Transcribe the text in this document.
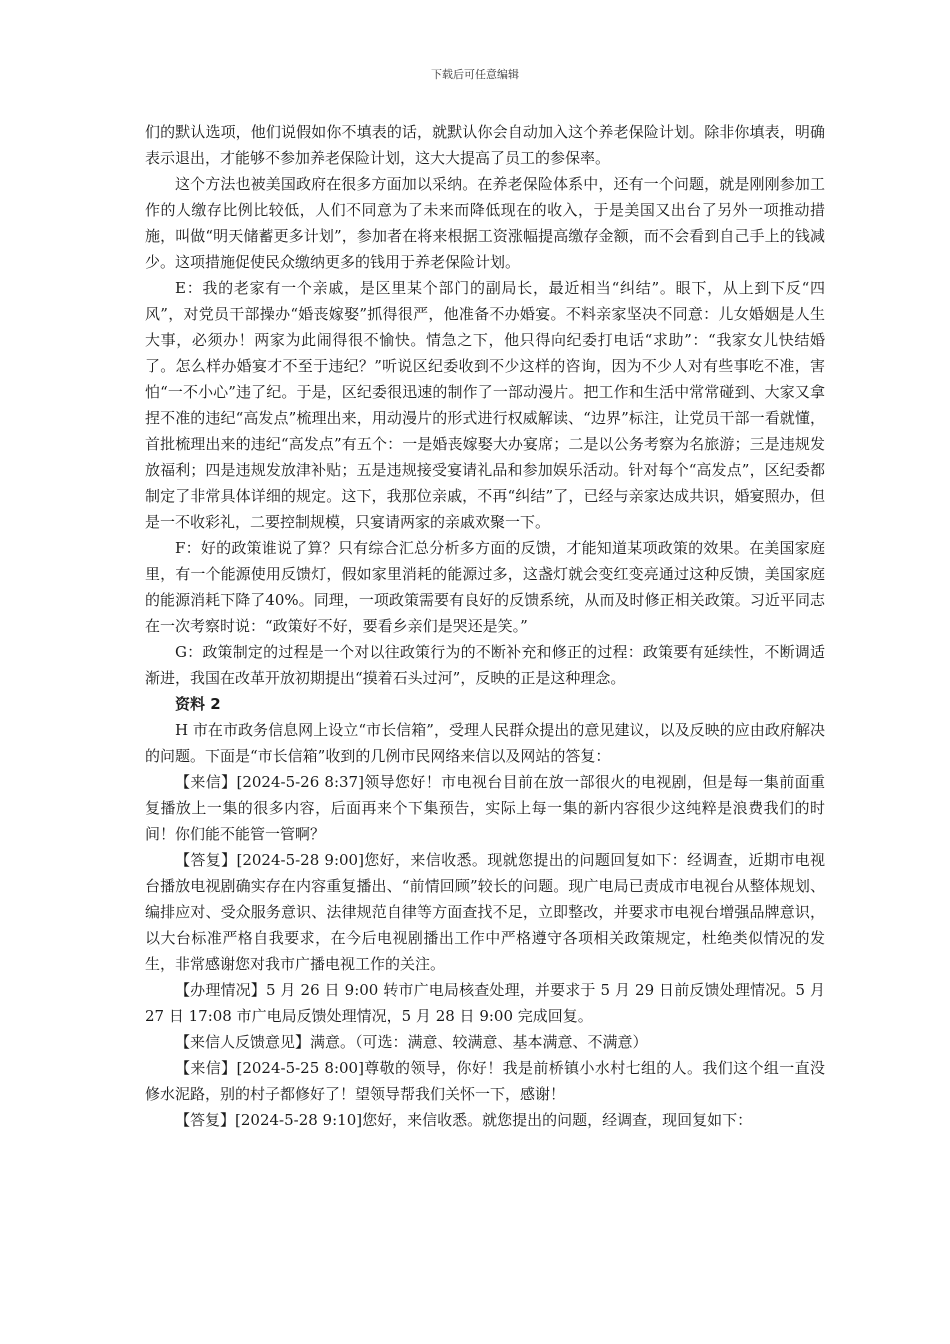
下载后可任意编辑

们的默认选项，他们说假如你不填表的话，就默认你会自动加入这个养老保险计划。除非你填表，明确表示退出，才能够不参加养老保险计划，这大大提高了员工的参保率。

这个方法也被美国政府在很多方面加以采纳。在养老保险体系中，还有一个问题，就是刚刚参加工作的人缴存比例比较低，人们不同意为了未来而降低现在的收入，于是美国又出台了另外一项推动措施，叫做“明天储蓄更多计划”，参加者在将来根据工资涨幅提高缴存金额，而不会看到自己手上的钱减少。这项措施促使民众缴纳更多的钱用于养老保险计划。

E：我的老家有一个亲戚，是区里某个部门的副局长，最近相当“纠结”。眼下，从上到下反“四风”，对党员干部操办“婚丧嫁娶”抓得很严，他准备不办婚宴。不料亲家坚决不同意：儿女婚姻是人生大事，必须办！两家为此闹得很不愉快。情急之下，他只得向纪委打电话“求助”：“我家女儿快结婚了。怎么样办婚宴才不至于违纪？”听说区纪委收到不少这样的咨询，因为不少人对有些事吃不准，害怕“一不小心”违了纪。于是，区纪委很迅速的制作了一部动漫片。把工作和生活中常常碰到、大家又拿捏不准的违纪“高发点”梳理出来，用动漫片的形式进行权威解读、“边界”标注，让党员干部一看就懂，首批梳理出来的违纪“高发点”有五个：一是婚丧嫁娶大办宴席；二是以公务考察为名旅游；三是违规发放福利；四是违规发放津补贴；五是违规接受宴请礼品和参加娱乐活动。针对每个“高发点”，区纪委都制定了非常具体详细的规定。这下，我那位亲戚，不再“纠结”了，已经与亲家达成共识，婚宴照办，但是一不收彩礼，二要控制规模，只宴请两家的亲戚欢聚一下。

F：好的政策谁说了算？只有综合汇总分析多方面的反馈，才能知道某项政策的效果。在美国家庭里，有一个能源使用反馈灯，假如家里消耗的能源过多，这盏灯就会变红变亮通过这种反馈，美国家庭的能源消耗下降了40%。同理，一项政策需要有良好的反馈系统，从而及时修正相关政策。习近平同志在一次考察时说：“政策好不好，要看乡亲们是哭还是笑。”

G：政策制定的过程是一个对以往政策行为的不断补充和修正的过程：政策要有延续性，不断调适渐进，我国在改革开放初期提出“摸着石头过河”，反映的正是这种理念。

资料 2

H 市在市政务信息网上设立“市长信箱”，受理人民群众提出的意见建议，以及反映的应由政府解决的问题。下面是“市长信箱”收到的几例市民网络来信以及网站的答复：

【来信】[2024-5-26 8:37]领导您好！市电视台目前在放一部很火的电视剧，但是每一集前面重复播放上一集的很多内容，后面再来个下集预告，实际上每一集的新内容很少这纯粹是浪费我们的时间！你们能不能管一管啊？

【答复】[2024-5-28 9:00]您好，来信收悉。现就您提出的问题回复如下：经调查，近期市电视台播放电视剧确实存在内容重复播出、“前情回顾”较长的问题。现广电局已责成市电视台从整体规划、编排应对、受众服务意识、法律规范自律等方面查找不足，立即整改，并要求市电视台增强品牌意识，以大台标准严格自我要求，在今后电视剧播出工作中严格遵守各项相关政策规定，杜绝类似情况的发生，非常感谢您对我市广播电视工作的关注。

【办理情况】5 月 26 日 9:00 转市广电局核查处理，并要求于 5 月 29 日前反馈处理情况。5 月 27 日 17:08 市广电局反馈处理情况，5 月 28 日 9:00 完成回复。

【来信人反馈意见】满意。（可选：满意、较满意、基本满意、不满意）

【来信】[2024-5-25 8:00]尊敬的领导，你好！我是前桥镇小水村七组的人。我们这个组一直没修水泥路，别的村子都修好了！望领导帮我们关怀一下，感谢！

【答复】[2024-5-28 9:10]您好，来信收悉。就您提出的问题，经调查，现回复如下：
